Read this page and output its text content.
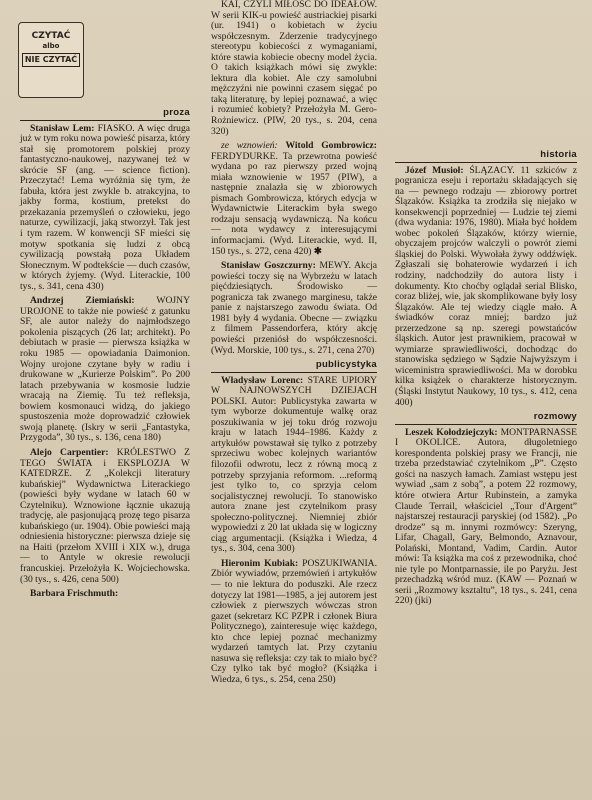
CZYTAĆ
albo
NIE CZYTAĆ
proza
Stanisław Lem: FIASKO. A więc druga już w tym roku nowa powieść pisarza, który stał się promotorem polskiej prozy fantastyczno-naukowej, nazywanej też w skrócie SF (ang. — science fiction). Przeczytać! Lema wyróżnia się tym, że fabuła, która jest zwykle b. atrakcyjna, to jakby forma, kostium, pretekst do przekazania przemyśleń o człowieku, jego naturze, cywilizacji, jaką stworzył. Tak jest i tym razem. W konwencji SF mieści się motyw spotkania się ludzi z obcą cywilizacją powstałą poza Układem Słonecznym. W podtekście — duch czasów, w których żyjemy. (Wyd. Literackie, 100 tys., s. 341, cena 430)
Andrzej Ziemiański: WOJNY UROJONE to także nie powieść z gatunku SF, ale autor należy do najmłodszego pokolenia piszących (26 lat; architekt). Po debiutach w prasie — pierwsza książka w roku 1985 — opowiadania Daimonion. Wojny urojone czytane były w radiu i drukowane w „Kurierze Polskim”. Po 200 latach przebywania w kosmosie ludzie wracają na Ziemię. Tu też refleksja, bowiem kosmonauci widzą, do jakiego spustoszenia może doprowadzić człowiek swoją planetę. (Iskry w serii „Fantastyka, Przygoda”, 30 tys., s. 136, cena 180)
Alejo Carpentier: KRÓLESTWO Z TEGO ŚWIATA i EKSPLOZJA W KATEDRZE. Z „Kolekcji literatury kubańskiej” Wydawnictwa Literackiego (powieści były wydane w latach 60 w Czytelniku). Wznowione łącznie ukazują tradycję, ale pasjonującą prozę tego pisarza kubańskiego (ur. 1904). Obie powieści mają odniesienia historyczne: pierwsza dzieje się na Haiti (przełom XVIII i XIX w.), druga — to Antyle w okresie rewolucji francuskiej. Przełożyła K. Wojciechowska. (30 tys., s. 426, cena 500)
Barbara Frischmuth:
KAI, CZYLI MIŁOŚĆ DO IDEAŁÓW. W serii KIK-u powieść austriackiej pisarki (ur. 1941) o kobietach w życiu współczesnym. Zderzenie tradycyjnego stereotypu kobiecości z wymaganiami, które stawia kobiecie obecny model życia. O takich książkach mówi się zwykle: lektura dla kobiet. Ale czy samolubni mężczyźni nie powinni czasem sięgać po taką literaturę, by lepiej poznawać, a więc i rozumieć kobiety? Przełożyła M. Gero-Rożniewicz. (PIW, 20 tys., s. 204, cena 320)
ze wznowień: Witold Gombrowicz: FERDYDURKE. Ta przewrotna powieść wydana po raz pierwszy przed wojną miała wznowienie w 1957 (PIW), a następnie znalazła się w zbiorowych pismach Gombrowicza, których edycja w Wydawnictwie Literackim była swego rodzaju sensacją wydawniczą. Na końcu — nota wydawcy z interesującymi informacjami. (Wyd. Literackie, wyd. II, 150 tys., s. 272, cena 420) ✱
Stanisław Goszczurny: MEWY. Akcja powieści toczy się na Wybrzeżu w latach pięćdziesiątych. Środowisko — pogranicza tak zwanego marginesu, także panie z najstarszego zawodu świata. Od 1981 były 4 wydania. Obecne — związku z filmem Passendorfera, który akcję powieści przeniósł do współczesności. (Wyd. Morskie, 100 tys., s. 271, cena 270)
publicystyka
Władysław Lorenc: STARE UPIORY W NAJNOWSZYCH DZIEJACH POLSKI. Autor: Publicystyka zawarta w tym wyborze dokumentuje walkę oraz poszukiwania w jej toku dróg rozwoju kraju w latach 1944–1986. Każdy z artykułów powstawał się tylko z potrzeby sprzeciwu wobec kolejnych wariantów filozofii odwrotu, lecz z równą mocą z potrzeby sprzyjania reformom. ...reformą jest tylko to, co sprzyja celom socjalistycznej rewolucji. To stanowisko autora znane jest czytelnikom prasy społeczno-politycznej. Niemniej zbiór wypowiedzi z 20 lat układa się w logiczny ciąg argumentacji. (Książka i Wiedza, 4 tys., s. 304, cena 300)
Hieronim Kubiak: POSZUKIWANIA. Zbiór wywiadów, przemówień i artykułów — to nie lektura do poduszki. Ale rzecz dotyczy lat 1981—1985, a jej autorem jest człowiek z pierwszych wówczas stron gazet (sekretarz KC PZPR i członek Biura Politycznego), zainteresuje więc każdego, kto chce lepiej poznać mechanizmy wydarzeń tamtych lat. Przy czytaniu nasuwa się refleksja: czy tak to miało być? Czy tylko tak być mogło? (Książka i Wiedza, 6 tys., s. 254, cena 250)
historia
Józef Musioł: ŚLĄZACY. 11 szkiców z pogranicza eseju i reportażu składających się na — pewnego rodzaju — zbiorowy portret Ślązaków. Książka ta zrodziła się niejako w konsekwencji poprzedniej — Ludzie tej ziemi (dwa wydania: 1976, 1980). Miała być hołdem wobec pokoleń Ślązaków, którzy wiernie, obyczajem projców walczyli o powrót ziemi śląskiej do Polski. Wywołała żywy oddźwięk. Zgłaszali się bohaterowie wydarzeń i ich rodziny, nadchodziły do autora listy i dokumenty. Kto choćby oglądał serial Blisko, coraz bliżej, wie, jak skomplikowane były losy Ślązaków. Ale tej wiedzy ciągle mało. A świadków coraz mniej; bardzo już przerzedzone są np. szeregi powstańców śląskich. Autor jest prawnikiem, pracował w wymiarze sprawiedliwości, dochodząc do stanowiska sędziego w Sądzie Najwyższym i wiceministra sprawiedliwości. Ma w dorobku kilka książek o charakterze historycznym. (Śląski Instytut Naukowy, 10 tys., s. 412, cena 400)
rozmowy
Leszek Kołodziejczyk: MONTPARNASSE I OKOLICE. Autora, długoletniego korespondenta polskiej prasy we Francji, nie trzeba przedstawiać czytelnikom „P”. Często gości na naszych łamach. Zamiast wstępu jest wywiad „sam z sobą”, a potem 22 rozmowy, które otwiera Artur Rubinstein, a zamyka Claude Terrail, właściciel „Tour d'Argent” najstarszej restauracji paryskiej (od 1582). „Po drodze” są m. innymi rozmówcy: Szeryng, Lifar, Chagall, Gary, Belmondo, Aznavour, Polański, Montand, Vadim, Cardin. Autor mówi: Ta książka ma coś z przewodnika, choć nie tyle po Montparnassie, ile po Paryżu. Jest przechadzką wśród muz. (KAW — Poznań w serii „Rozmowy ksztaltu”, 18 tys., s. 241, cena 220) (jki)
